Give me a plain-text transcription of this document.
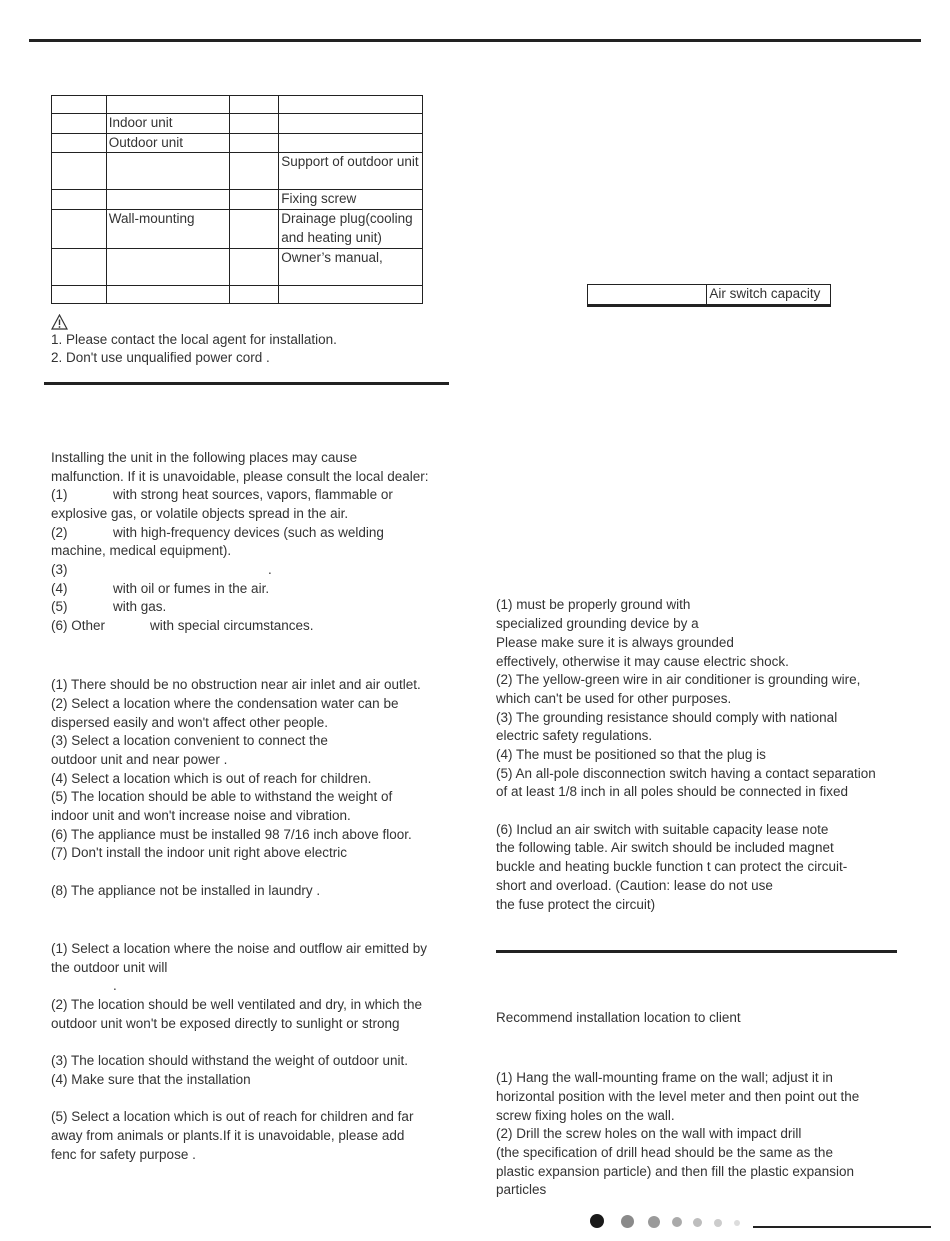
	Indoor unit		
	Outdoor unit		
			Support of outdoor unit
			Fixing screw
	Wall-mounting		Drainage plug(cooling and heating unit)
			Owner’s manual,

1. Please contact the local agent for installation.
2. Don't use unqualified power cord .
Installing the unit in the following places may cause
malfunction. If it is unavoidable, please consult the local dealer:
(1)	with strong heat sources, vapors, flammable or
explosive gas, or volatile objects spread in the air.
(2)	with high-frequency devices (such as welding
machine, medical equipment).
(3)	.
(4)	with oil or fumes in the air.
(5)	with gas.
(6) Other	with special circumstances.
(1) There should be no obstruction near air inlet and air outlet.
(2) Select a location where the condensation water can be
dispersed easily and won't affect other people.
(3) Select a location convenient to connect the
outdoor unit and near power .
(4) Select a location which is out of reach for children.
(5) The location should be able to withstand the weight of
indoor unit and won't increase noise and vibration.
(6) The appliance must be installed 98 7/16 inch above floor.
(7) Don't install the indoor unit right above electric
(8) The appliance not be installed in laundry .
(1) Select a location where the noise and outflow air emitted by
the outdoor unit will
.
(2) The location should be well ventilated and dry, in which the
outdoor unit won't be exposed directly to sunlight or strong
(3) The location should withstand the weight of outdoor unit.
(4) Make sure that the installation
(5) Select a location which is out of reach for children and far
away from animals or plants.If it is unavoidable, please add
fenc for safety purpose .
	Air switch capacity

(1) must be properly ground with
specialized grounding device by a
Please make sure it is always grounded
effectively, otherwise it may cause electric shock.
(2) The yellow-green wire in air conditioner is grounding wire,
which can't be used for other purposes.
(3) The grounding resistance should comply with national
electric safety regulations.
(4) The must be positioned so that the plug is
(5) An all-pole disconnection switch having a contact separation
of at least 1/8 inch in all poles should be connected in fixed
(6) Includ an air switch with suitable capacity lease note
the following table. Air switch should be included magnet
buckle and heating buckle function t can protect the circuit-
short and overload. (Caution: lease do not use
the fuse protect the circuit)
Recommend installation location to client
(1) Hang the wall-mounting frame on the wall; adjust it in
horizontal position with the level meter and then point out the
screw fixing holes on the wall.
(2) Drill the screw holes on the wall with impact drill
(the specification of drill head should be the same as the
plastic expansion particle) and then fill the plastic expansion
particles
